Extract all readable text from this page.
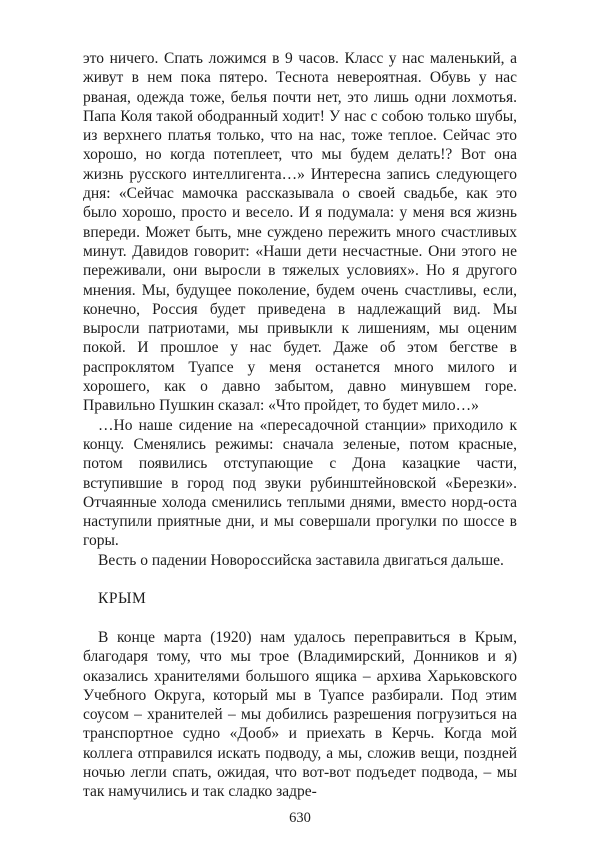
это ничего. Спать ложимся в 9 часов. Класс у нас маленький, а живут в нем пока пятеро. Теснота невероятная. Обувь у нас рваная, одежда тоже, белья почти нет, это лишь одни лохмотья. Папа Коля такой ободранный ходит! У нас с собою только шубы, из верхнего платья только, что на нас, тоже теплое. Сейчас это хорошо, но когда потеплеет, что мы будем делать!? Вот она жизнь русского интеллигента…» Интересна запись следующего дня: «Сейчас мамочка рассказывала о своей свадьбе, как это было хорошо, просто и весело. И я подумала: у меня вся жизнь впереди. Может быть, мне суждено пережить много счастливых минут. Давидов говорит: «Наши дети несчастные. Они этого не переживали, они выросли в тяжелых условиях». Но я другого мнения. Мы, будущее поколение, будем очень счастливы, если, конечно, Россия будет приведена в надлежащий вид. Мы выросли патриотами, мы привыкли к лишениям, мы оценим покой. И прошлое у нас будет. Даже об этом бегстве в распроклятом Туапсе у меня останется много милого и хорошего, как о давно забытом, давно минувшем горе. Правильно Пушкин сказал: «Что пройдет, то будет мило…»

…Но наше сидение на «пересадочной станции» приходило к концу. Сменялись режимы: сначала зеленые, потом красные, потом появились отступающие с Дона казацкие части, вступившие в город под звуки рубинштейновской «Березки». Отчаянные холода сменились теплыми днями, вместо норд-оста наступили приятные дни, и мы совершали прогулки по шоссе в горы.

Весть о падении Новороссийска заставила двигаться дальше.

КРЫМ

В конце марта (1920) нам удалось переправиться в Крым, благодаря тому, что мы трое (Владимирский, Донников и я) оказались хранителями большого ящика – архива Харьковского Учебного Округа, который мы в Туапсе разбирали. Под этим соусом – хранителей – мы добились разрешения погрузиться на транспортное судно «Дооб» и приехать в Керчь. Когда мой коллега отправился искать подводу, а мы, сложив вещи, поздней ночью легли спать, ожидая, что вот-вот подъедет подвода, – мы так намучились и так сладко задре-

630
